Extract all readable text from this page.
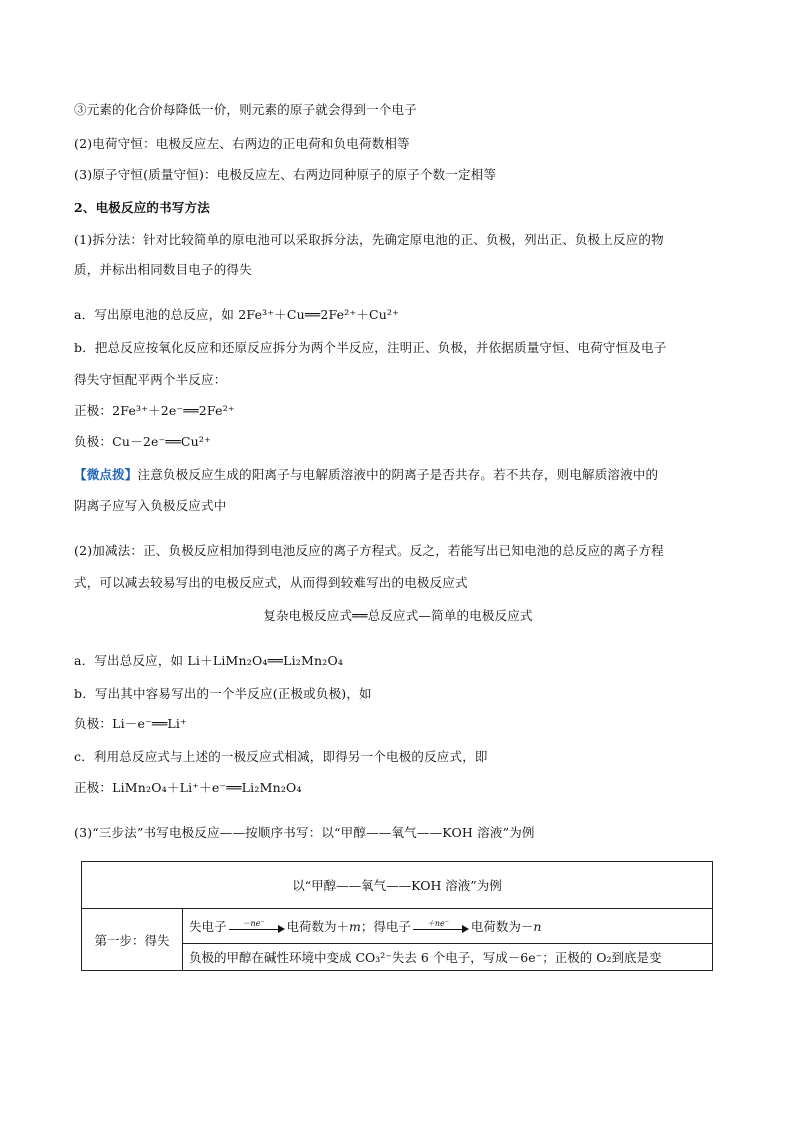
③元素的化合价每降低一价，则元素的原子就会得到一个电子
(2)电荷守恒：电极反应左、右两边的正电荷和负电荷数相等
(3)原子守恒(质量守恒)：电极反应左、右两边同种原子的原子个数一定相等
2、电极反应的书写方法
(1)拆分法：针对比较简单的原电池可以采取拆分法，先确定原电池的正、负极，列出正、负极上反应的物
质，并标出相同数目电子的得失
a．写出原电池的总反应，如 2Fe³⁺＋Cu══2Fe²⁺＋Cu²⁺
b．把总反应按氧化反应和还原反应拆分为两个半反应，注明正、负极，并依据质量守恒、电荷守恒及电子
得失守恒配平两个半反应：
正极：2Fe³⁺＋2e⁻══2Fe²⁺
负极：Cu－2e⁻══Cu²⁺
【微点拨】注意负极反应生成的阳离子与电解质溶液中的阴离子是否共存。若不共存，则电解质溶液中的
阴离子应写入负极反应式中
(2)加减法：正、负极反应相加得到电池反应的离子方程式。反之，若能写出已知电池的总反应的离子方程
式，可以减去较易写出的电极反应式，从而得到较难写出的电极反应式
复杂电极反应式══总反应式—简单的电极反应式
a．写出总反应，如 Li＋LiMn₂O₄══Li₂Mn₂O₄
b．写出其中容易写出的一个半反应(正极或负极)，如
负极：Li－e⁻══Li⁺
c．利用总反应式与上述的一极反应式相减，即得另一个电极的反应式，即
正极：LiMn₂O₄＋Li⁺＋e⁻══Li₂Mn₂O₄
(3)“三步法”书写电极反应——按顺序书写：以“甲醇——氧气——KOH 溶液”为例
以“甲醇——氧气——KOH 溶液”为例
第一步：得失	失电子	－ne⁻	电荷数为＋m；得电子	＋ne⁻	电荷数为－n
负极的甲醇在碱性环境中变成 CO₃²⁻失去 6 个电子，写成－6e⁻；正极的 O₂到底是变
